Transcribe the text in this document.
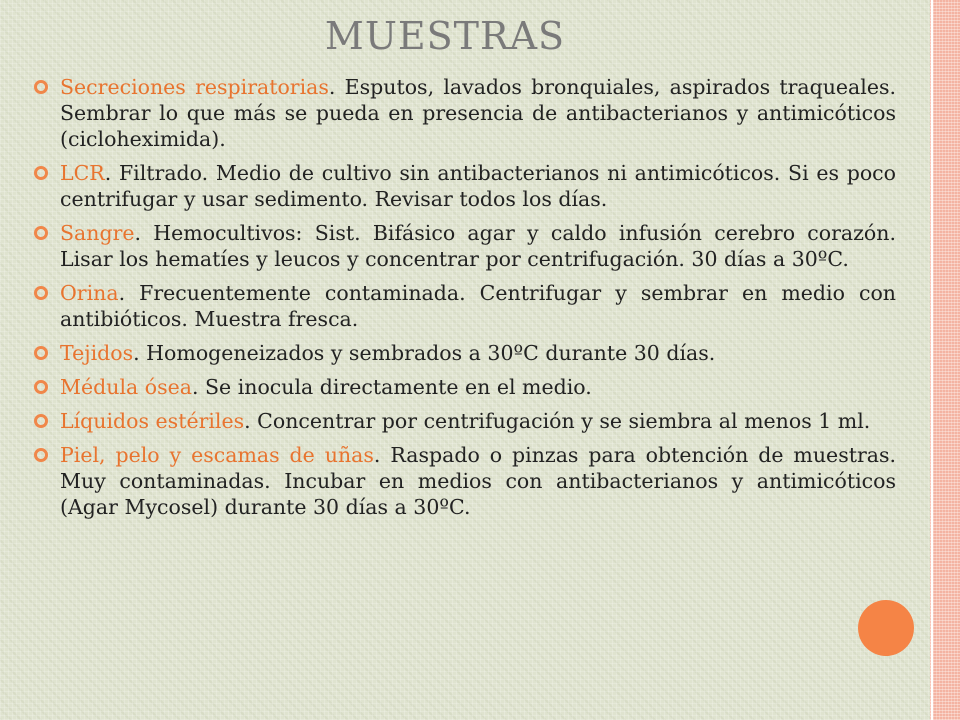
MUESTRAS
Secreciones respiratorias. Esputos, lavados bronquiales, aspirados traqueales. Sembrar lo que más se pueda en presencia de antibacterianos y antimicóticos (cicloheximida).
LCR. Filtrado. Medio de cultivo sin antibacterianos ni antimicóticos. Si es poco centrifugar y usar sedimento. Revisar todos los días.
Sangre. Hemocultivos: Sist. Bifásico agar y caldo infusión cerebro corazón. Lisar los hematíes y leucos y concentrar por centrifugación. 30 días a 30ºC.
Orina. Frecuentemente contaminada. Centrifugar y sembrar en medio con antibióticos. Muestra fresca.
Tejidos. Homogeneizados y sembrados a 30ºC durante 30 días.
Médula ósea. Se inocula directamente en el medio.
Líquidos estériles. Concentrar por centrifugación y se siembra al menos 1 ml.
Piel, pelo y escamas de uñas. Raspado o pinzas para obtención de muestras. Muy contaminadas. Incubar en medios con antibacterianos y antimicóticos (Agar Mycosel) durante 30 días a 30ºC.
